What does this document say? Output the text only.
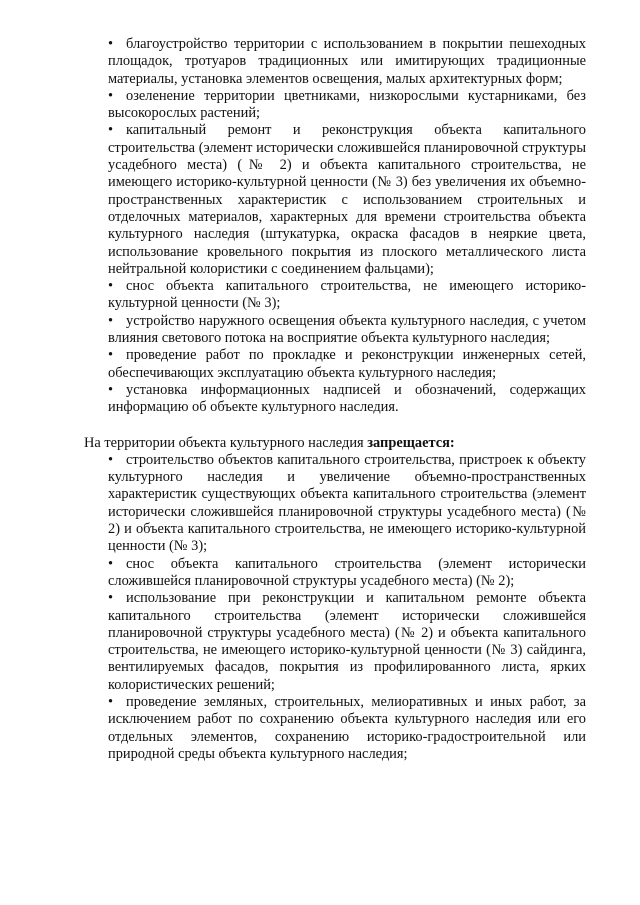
• благоустройство территории с использованием в покрытии пешеходных площадок, тротуаров традиционных или имитирующих традиционные материалы, установка элементов освещения, малых архитектурных форм;
• озеленение территории цветниками, низкорослыми кустарниками, без высокорослых растений;
• капитальный ремонт и реконструкция объекта капитального строительства (элемент исторически сложившейся планировочной структуры усадебного места) (№ 2) и объекта капитального строительства, не имеющего историко-культурной ценности (№ 3) без увеличения их объемно-пространственных характеристик с использованием строительных и отделочных материалов, характерных для времени строительства объекта культурного наследия (штукатурка, окраска фасадов в неяркие цвета, использование кровельного покрытия из плоского металлического листа нейтральной колористики с соединением фальцами);
• снос объекта капитального строительства, не имеющего историко-культурной ценности (№ 3);
• устройство наружного освещения объекта культурного наследия, с учетом влияния светового потока на восприятие объекта культурного наследия;
• проведение работ по прокладке и реконструкции инженерных сетей, обеспечивающих эксплуатацию объекта культурного наследия;
• установка информационных надписей и обозначений, содержащих информацию об объекте культурного наследия.

На территории объекта культурного наследия запрещается:

• строительство объектов капитального строительства, пристроек к объекту культурного наследия и увеличение объемно-пространственных характеристик существующих объекта капитального строительства (элемент исторически сложившейся планировочной структуры усадебного места) (№ 2) и объекта капитального строительства, не имеющего историко-культурной ценности (№ 3);
• снос объекта капитального строительства (элемент исторически сложившейся планировочной структуры усадебного места) (№ 2);
• использование при реконструкции и капитальном ремонте объекта капитального строительства (элемент исторически сложившейся планировочной структуры усадебного места) (№ 2) и объекта капитального строительства, не имеющего историко-культурной ценности (№ 3) сайдинга, вентилируемых фасадов, покрытия из профилированного листа, ярких колористических решений;
• проведение земляных, строительных, мелиоративных и иных работ, за исключением работ по сохранению объекта культурного наследия или его отдельных элементов, сохранению историко-градостроительной или природной среды объекта культурного наследия;
